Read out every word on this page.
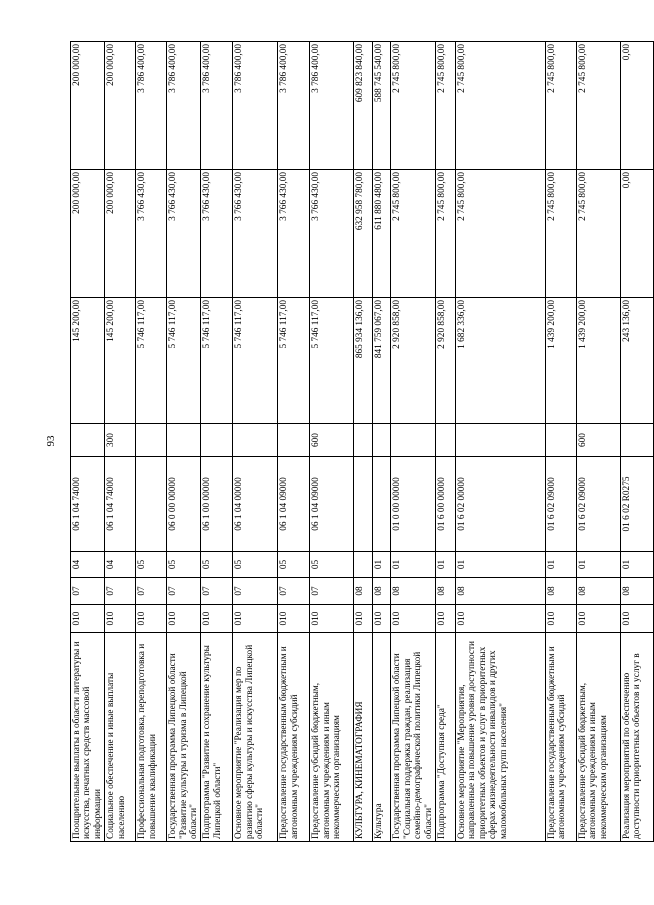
93
Поощрительные выплаты в области литературы и искусства, печатных средств массовой информации	010	07	04	06 1 04 74000		145 200,00	200 000,00	200 000,00
Социальное обеспечение и иные выплаты населению	010	07	04	06 1 04 74000	300	145 200,00	200 000,00	200 000,00
Профессиональная подготовка, переподготовка и повышение квалификации	010	07	05			5 746 117,00	3 766 430,00	3 786 400,00
Государственная программа Липецкой области "Развитие культуры и туризма в Липецкой области"	010	07	05	06 0 00 00000		5 746 117,00	3 766 430,00	3 786 400,00
Подпрограмма "Развитие и сохранение культуры Липецкой области"	010	07	05	06 1 00 00000		5 746 117,00	3 766 430,00	3 786 400,00
Основное мероприятие "Реализация мер по развитию сферы культуры и искусства Липецкой области"	010	07	05	06 1 04 00000		5 746 117,00	3 766 430,00	3 786 400,00
Предоставление государственным бюджетным и автономным учреждениям субсидий	010	07	05	06 1 04 09000		5 746 117,00	3 766 430,00	3 786 400,00
Предоставление субсидий бюджетным, автономным учреждениям и иным некоммерческим организациям	010	07	05	06 1 04 09000	600	5 746 117,00	3 766 430,00	3 786 400,00
КУЛЬТУРА, КИНЕМАТОГРАФИЯ	010	08				865 934 136,00	632 958 780,00	609 823 840,00
Культура	010	08	01			841 759 067,00	611 880 480,00	588 745 540,00
Государственная программа Липецкой области "Социальная поддержка граждан, реализация семейно-демографической политики Липецкой области"	010	08	01	01 0 00 00000		2 920 858,00	2 745 800,00	2 745 800,00
Подпрограмма "Доступная среда"	010	08	01	01 6 00 00000		2 920 858,00	2 745 800,00	2 745 800,00
Основное мероприятие "Мероприятия, направленные на повышение уровня доступности приоритетных объектов и услуг в приоритетных сферах жизнедеятельности инвалидов и других маломобильных групп населения"	010	08	01	01 6 02 00000		1 682 336,00	2 745 800,00	2 745 800,00
Предоставление государственным бюджетным и автономным учреждениям субсидий	010	08	01	01 6 02 09000		1 439 200,00	2 745 800,00	2 745 800,00
Предоставление субсидий бюджетным, автономным учреждениям и иным некоммерческим организациям	010	08	01	01 6 02 09000	600	1 439 200,00	2 745 800,00	2 745 800,00
Реализация мероприятий по обеспечению доступности приоритетных объектов и услуг в	010	08	01	01 6 02 R0275		243 136,00	0,00	0,00
